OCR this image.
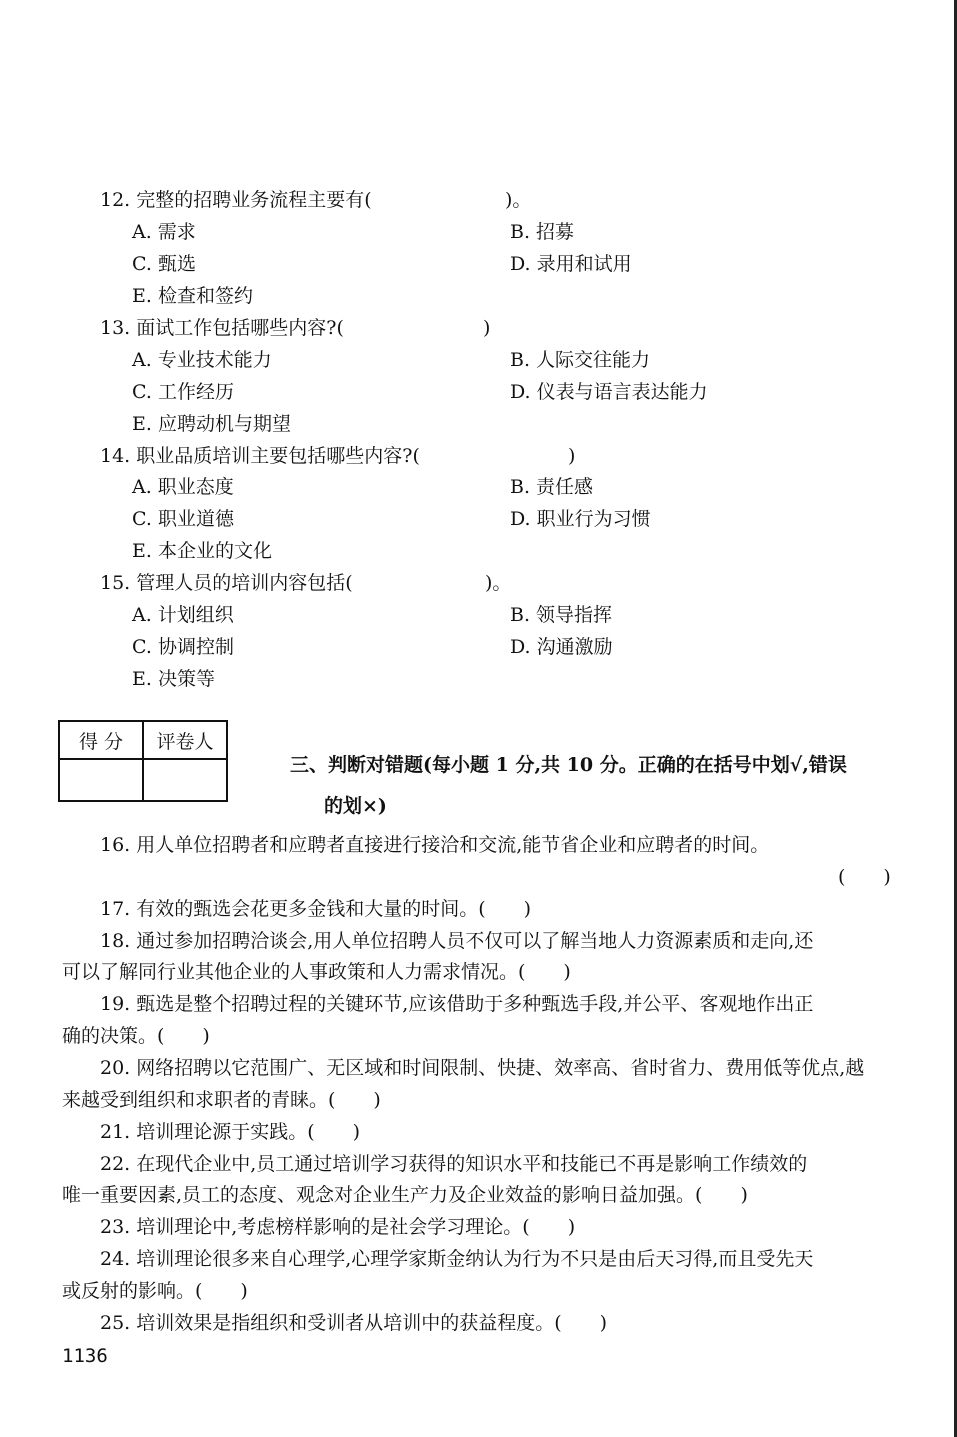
12. 完整的招聘业务流程主要有(	)。
A. 需求	B. 招募
C. 甄选	D. 录用和试用
E. 检查和签约
13. 面试工作包括哪些内容?(	)
A. 专业技术能力	B. 人际交往能力
C. 工作经历	D. 仪表与语言表达能力
E. 应聘动机与期望
14. 职业品质培训主要包括哪些内容?(	)
A. 职业态度	B. 责任感
C. 职业道德	D. 职业行为习惯
E. 本企业的文化
15. 管理人员的培训内容包括(	)。
A. 计划组织	B. 领导指挥
C. 协调控制	D. 沟通激励
E. 决策等
得 分	评卷人

三、判断对错题(每小题 1 分,共 10 分。正确的在括号中划√,错误
的划×)
16. 用人单位招聘者和应聘者直接进行接洽和交流,能节省企业和应聘者的时间。
(　　)
17. 有效的甄选会花更多金钱和大量的时间。(　　)
18. 通过参加招聘洽谈会,用人单位招聘人员不仅可以了解当地人力资源素质和走向,还
可以了解同行业其他企业的人事政策和人力需求情况。(　　)
19. 甄选是整个招聘过程的关键环节,应该借助于多种甄选手段,并公平、客观地作出正
确的决策。(　　)
20. 网络招聘以它范围广、无区域和时间限制、快捷、效率高、省时省力、费用低等优点,越
来越受到组织和求职者的青睐。(　　)
21. 培训理论源于实践。(　　)
22. 在现代企业中,员工通过培训学习获得的知识水平和技能已不再是影响工作绩效的
唯一重要因素,员工的态度、观念对企业生产力及企业效益的影响日益加强。(　　)
23. 培训理论中,考虑榜样影响的是社会学习理论。(　　)
24. 培训理论很多来自心理学,心理学家斯金纳认为行为不只是由后天习得,而且受先天
或反射的影响。(　　)
25. 培训效果是指组织和受训者从培训中的获益程度。(　　)
1136
